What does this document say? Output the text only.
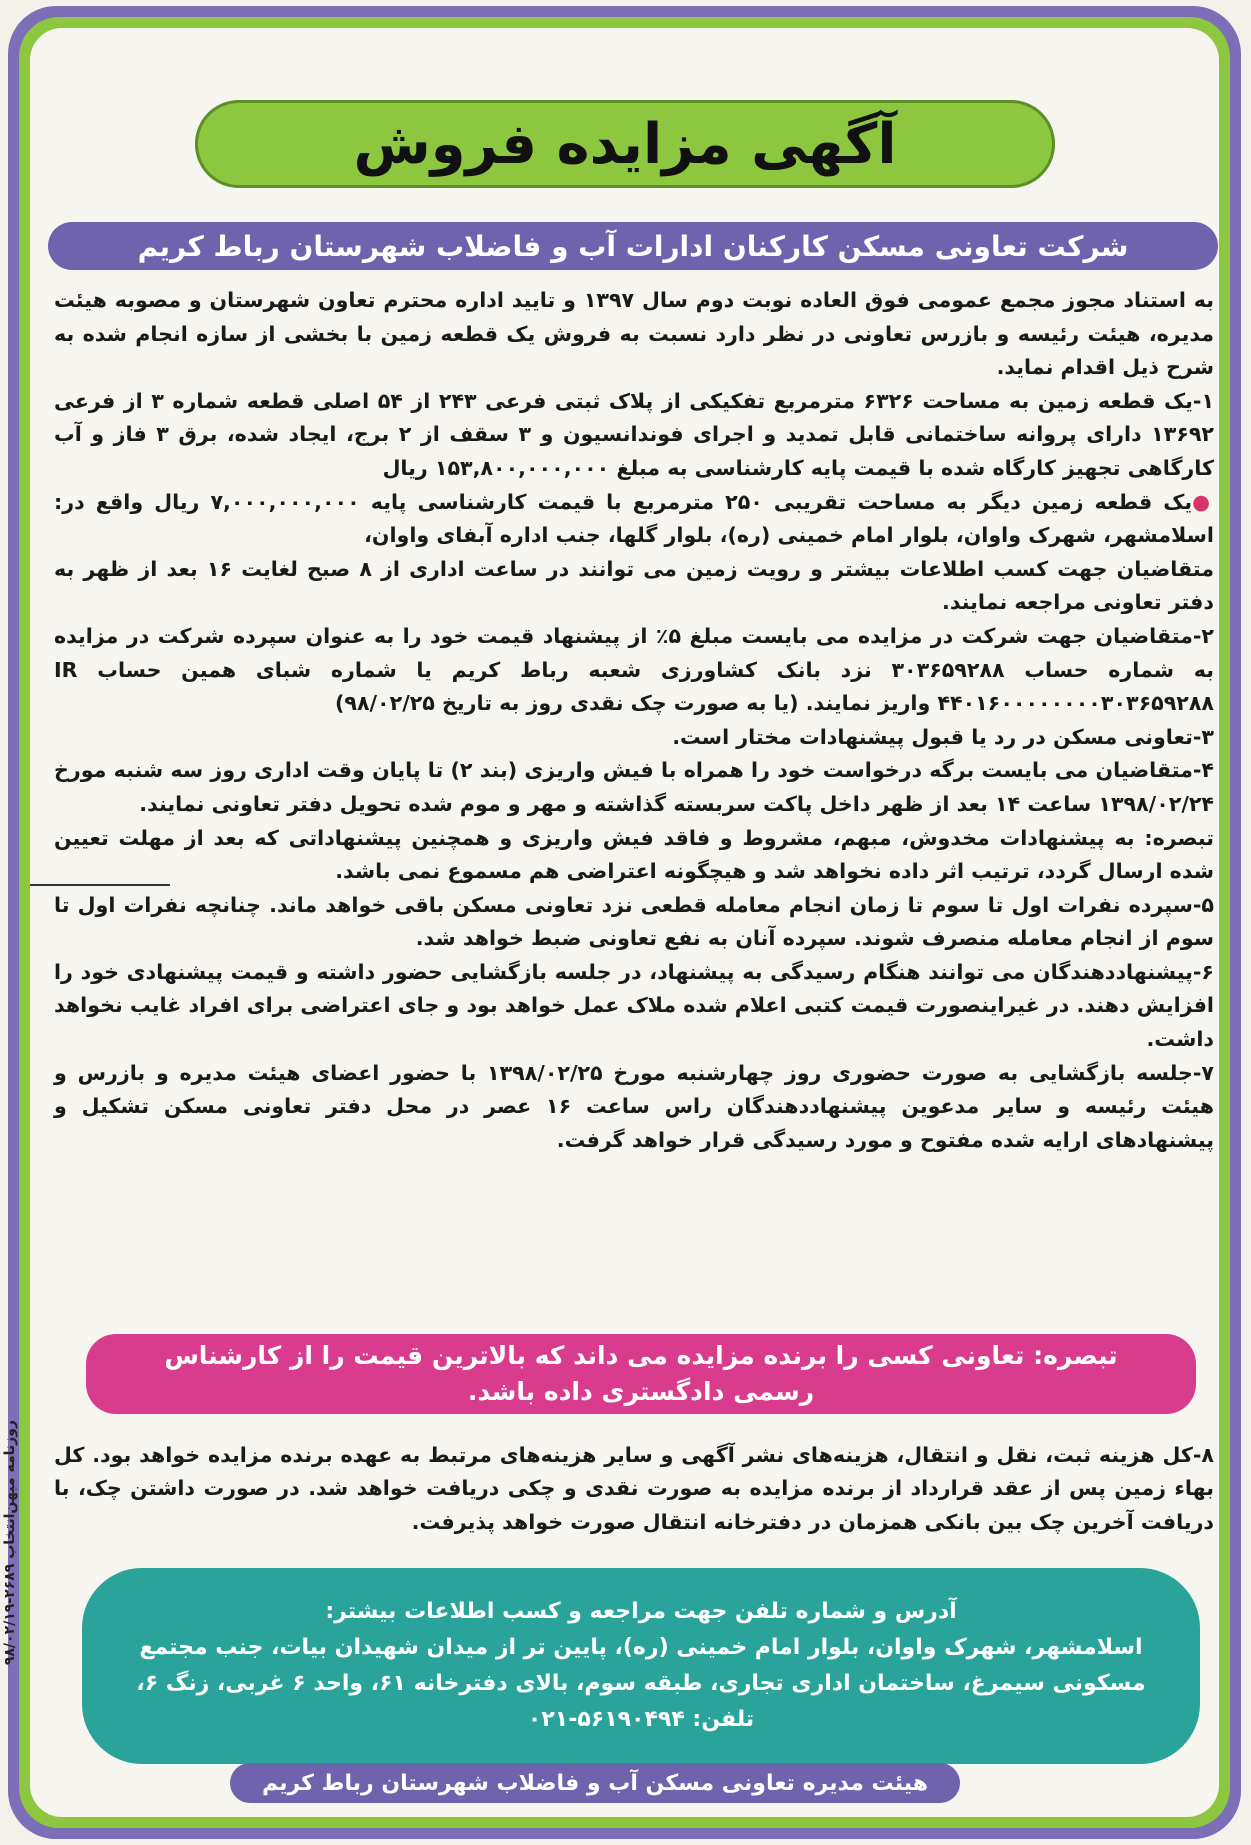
آگهی مزایده فروش
شرکت تعاونی مسکن کارکنان ادارات آب و فاضلاب شهرستان رباط کریم

به استناد مجوز مجمع عمومی فوق العاده نوبت دوم سال ۱۳۹۷ و تایید اداره محترم تعاون شهرستان و مصوبه هیئت مدیره، هیئت رئیسه و بازرس تعاونی در نظر دارد نسبت به فروش یک قطعه زمین با بخشی از سازه انجام شده به شرح ذیل اقدام نماید.

۱-یک قطعه زمین به مساحت ۶۳۲۶ مترمربع تفکیکی از پلاک ثبتی فرعی ۲۴۳ از ۵۴ اصلی قطعه شماره ۳ از فرعی ۱۳۶۹۲ دارای پروانه ساختمانی قابل تمدید و اجرای فوندانسیون و ۳ سقف از ۲ برج، ایجاد شده، برق ۳ فاز و آب کارگاهی تجهیز کارگاه شده با قیمت پایه کارشناسی به مبلغ ۱۵۳,۸۰۰,۰۰۰,۰۰۰ ریال

●یک قطعه زمین دیگر به مساحت تقریبی ۲۵۰ مترمربع با قیمت کارشناسی پایه ۷,۰۰۰,۰۰۰,۰۰۰ ریال واقع در: اسلامشهر، شهرک واوان، بلوار امام خمینی (ره)، بلوار گلها، جنب اداره آبفای واوان،

متقاضیان جهت کسب اطلاعات بیشتر و رویت زمین می توانند در ساعت اداری از ۸ صبح لغایت ۱۶ بعد از ظهر به دفتر تعاونی مراجعه نمایند.

۲-متقاضیان جهت شرکت در مزایده می بایست مبلغ ۵٪ از پیشنهاد قیمت خود را به عنوان سپرده شرکت در مزایده به شماره حساب ۳۰۳۶۵۹۲۸۸ نزد بانک کشاورزی شعبه رباط کریم یا شماره شبای همین حساب IR ۴۴۰۱۶۰۰۰۰۰۰۰۰۳۰۳۶۵۹۲۸۸ واریز نمایند. (یا به صورت چک نقدی روز به تاریخ ۹۸/۰۲/۲۵)

۳-تعاونی مسکن در رد یا قبول پیشنهادات مختار است.

۴-متقاضیان می بایست برگه درخواست خود را همراه با فیش واریزی (بند ۲) تا پایان وقت اداری روز سه شنبه مورخ ۱۳۹۸/۰۲/۲۴ ساعت ۱۴ بعد از ظهر داخل پاکت سربسته گذاشته و مهر و موم شده تحویل دفتر تعاونی نمایند.

تبصره: به پیشنهادات مخدوش، مبهم، مشروط و فاقد فیش واریزی و همچنین پیشنهاداتی که بعد از مهلت تعیین شده ارسال گردد، ترتیب اثر داده نخواهد شد و هیچگونه اعتراضی هم مسموع نمی باشد.

۵-سپرده نفرات اول تا سوم تا زمان انجام معامله قطعی نزد تعاونی مسکن باقی خواهد ماند. چنانچه نفرات اول تا سوم از انجام معامله منصرف شوند. سپرده آنان به نفع تعاونی ضبط خواهد شد.

۶-پیشنهاددهندگان می توانند هنگام رسیدگی به پیشنهاد، در جلسه بازگشایی حضور داشته و قیمت پیشنهادی خود را افزایش دهند. در غیراینصورت قیمت کتبی اعلام شده ملاک عمل خواهد بود و جای اعتراضی برای افراد غایب نخواهد داشت.

۷-جلسه بازگشایی به صورت حضوری روز چهارشنبه مورخ ۱۳۹۸/۰۲/۲۵ با حضور اعضای هیئت مدیره و بازرس و هیئت رئیسه و سایر مدعوین پیشنهاددهندگان راس ساعت ۱۶ عصر در محل دفتر تعاونی مسکن تشکیل و پیشنهادهای ارایه شده مفتوح و مورد رسیدگی قرار خواهد گرفت.

تبصره: تعاونی کسی را برنده مزایده می داند که بالاترین قیمت را از کارشناس رسمی دادگستری داده باشد.

۸-کل هزینه ثبت، نقل و انتقال، هزینه‌های نشر آگهی و سایر هزینه‌های مرتبط به عهده برنده مزایده خواهد بود. کل بهاء زمین پس از عقد قرارداد از برنده مزایده به صورت نقدی و چکی دریافت خواهد شد. در صورت داشتن چک، با دریافت آخرین چک بین بانکی همزمان در دفترخانه انتقال صورت خواهد پذیرفت.

آدرس و شماره تلفن جهت مراجعه و کسب اطلاعات بیشتر:
اسلامشهر، شهرک واوان، بلوار امام خمینی (ره)، پایین تر از میدان شهیدان بیات، جنب مجتمع
مسکونی سیمرغ، ساختمان اداری تجاری، طبقه سوم، بالای دفترخانه ۶۱، واحد ۶ غربی، زنگ ۶،
تلفن: ۵۶۱۹۰۴۹۴-۰۲۱
هیئت مدیره تعاونی مسکن آب و فاضلاب شهرستان رباط کریم
روزنامه میهن‌انتخاب ۲۶۸۹-۹۸/۰۲/۱۹
